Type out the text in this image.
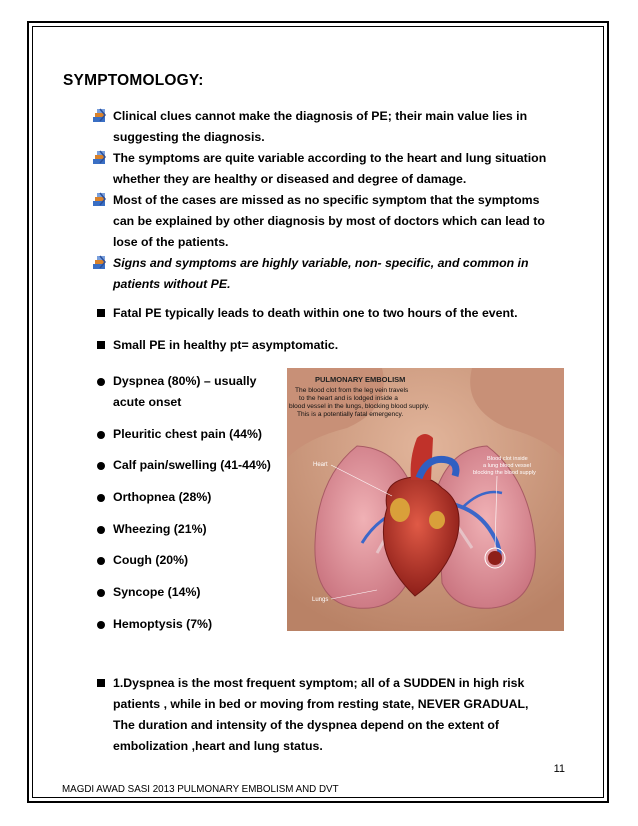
SYMPTOMOLOGY:
Clinical clues cannot make the diagnosis of PE; their main value lies in
suggesting the diagnosis.
The symptoms are quite variable according to the heart and lung situation
whether they are healthy or diseased and degree of damage.
Most of the cases are missed as no specific symptom that the symptoms
can be explained by other diagnosis by most of doctors which can lead to
lose of the patients.
Signs and symptoms are highly variable, non- specific, and common in
patients without PE.
Fatal PE typically leads to death within one to two hours of the event.
Small PE in healthy pt= asymptomatic.
Dyspnea (80%) – usually
acute onset
Pleuritic chest pain (44%)
Calf pain/swelling (41-44%)
Orthopnea (28%)
Wheezing (21%)
Cough (20%)
Syncope (14%)
Hemoptysis (7%)
1.Dyspnea is the most frequent symptom; all of a SUDDEN in high risk
patients , while in bed or moving from resting state, NEVER GRADUAL,
The duration and intensity of the dyspnea depend on the extent of
embolization ,heart and lung status.
PULMONARY EMBOLISM
The blood clot from the leg vein travels
to the heart and is lodged inside a
blood vessel in the lungs, blocking blood supply.
This is a potentially fatal emergency.
Heart
Blood clot inside
a lung blood vessel
blocking the blood supply
Lungs
11
MAGDI AWAD SASI 2013 PULMONARY EMBOLISM AND DVT
